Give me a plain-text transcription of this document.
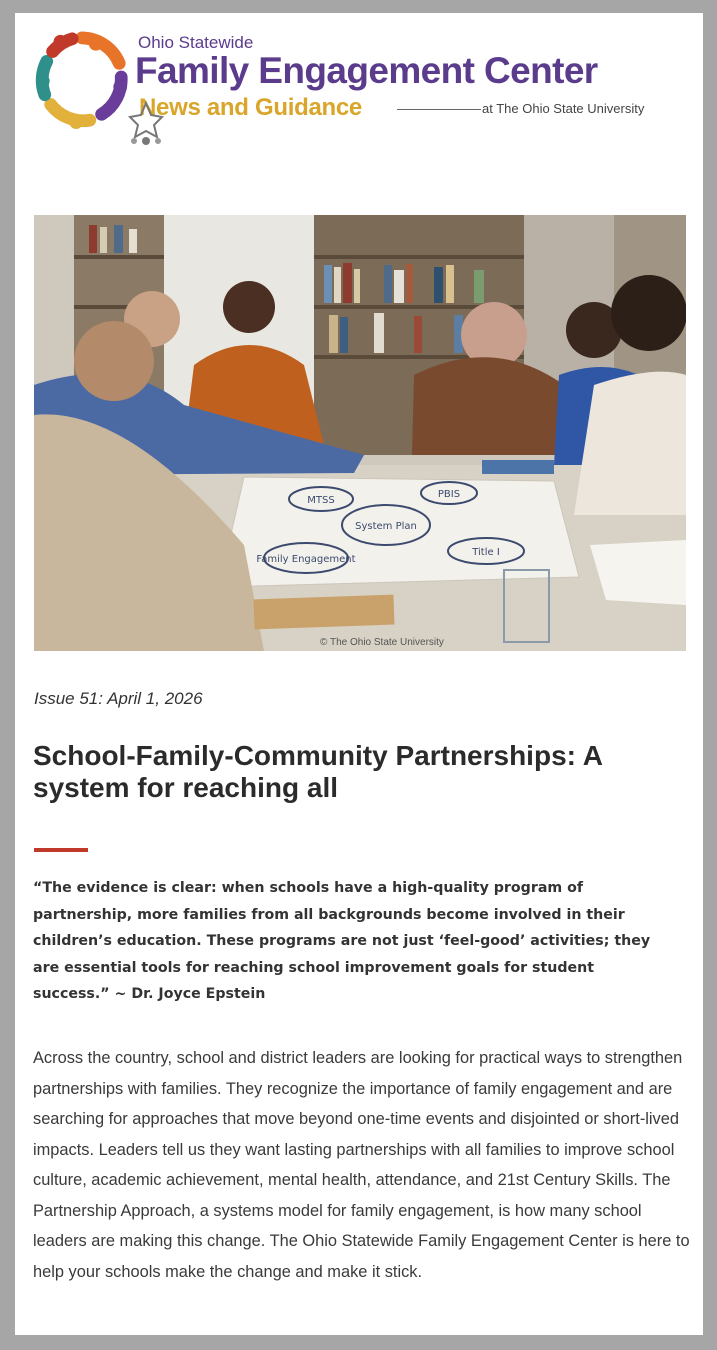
Ohio Statewide
Family Engagement Center
News and Guidance	at The Ohio State University
MTSS
PBIS
System Plan
Family Engagement
Title I
© The Ohio State University
Issue 51: April 1, 2026
School-Family-Community Partnerships: A system for reaching all

“The evidence is clear: when schools have a high-quality program of partnership, more families from all backgrounds become involved in their children’s education. These programs are not just ‘feel-good’ activities; they are essential tools for reaching school improvement goals for student success.” ~ Dr. Joyce Epstein

Across the country, school and district leaders are looking for practical ways to strengthen partnerships with families. They recognize the importance of family engagement and are searching for approaches that move beyond one-time events and disjointed or short-lived impacts. Leaders tell us they want lasting partnerships with all families to improve school culture, academic achievement, mental health, attendance, and 21st Century Skills. The Partnership Approach, a systems model for family engagement, is how many school leaders are making this change. The Ohio Statewide Family Engagement Center is here to help your schools make the change and make it stick.
